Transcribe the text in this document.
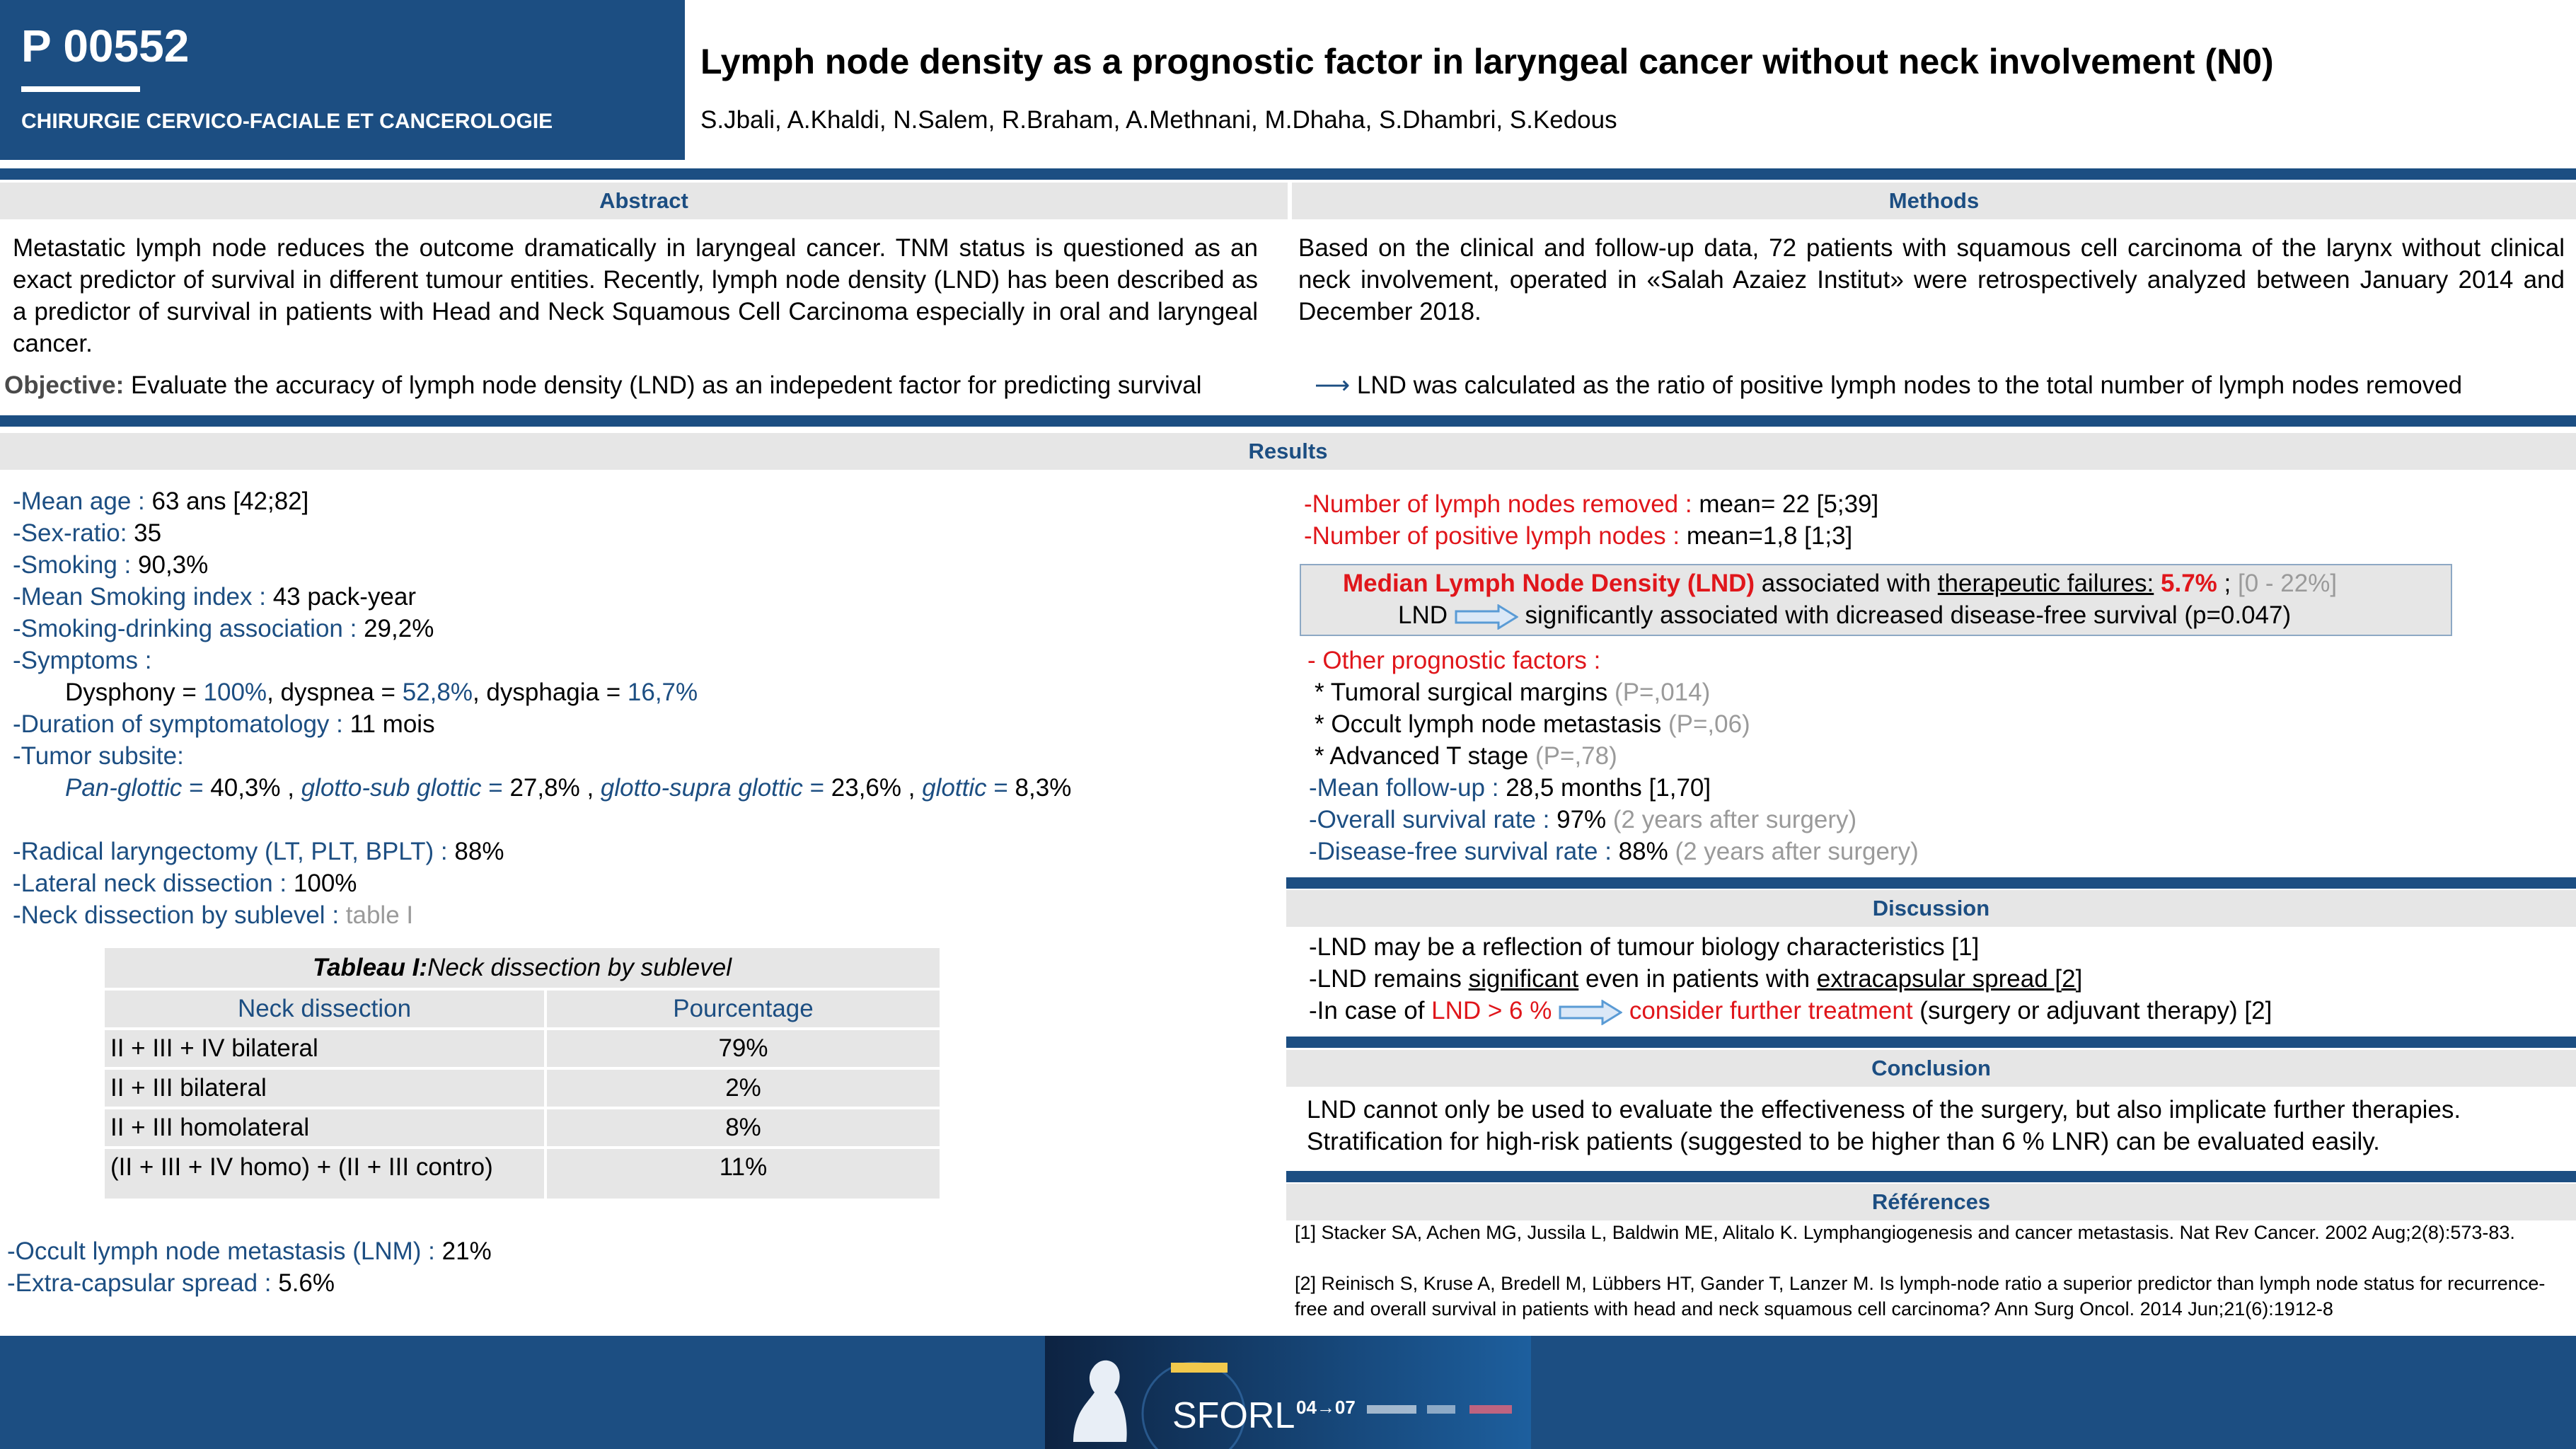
P 00552
CHIRURGIE CERVICO-FACIALE ET CANCEROLOGIE
Lymph node density as a prognostic factor in laryngeal cancer without neck involvement (N0)
S.Jbali, A.Khaldi, N.Salem, R.Braham, A.Methnani, M.Dhaha, S.Dhambri, S.Kedous
Abstract	Methods
Metastatic lymph node reduces the outcome dramatically in laryngeal cancer. TNM status is questioned as an exact predictor of survival in different tumour entities. Recently, lymph node density (LND) has been described as a predictor of survival in patients with Head and Neck Squamous Cell Carcinoma especially in oral and laryngeal cancer.
Objective: Evaluate the accuracy of lymph node density (LND) as an indepedent factor for predicting survival
Based on the clinical and follow-up data, 72 patients with squamous cell carcinoma of the larynx without clinical neck involvement, operated in «Salah Azaiez Institut» were retrospectively analyzed between January 2014 and December 2018.
⟶ LND was calculated as the ratio of positive lymph nodes to the total number of lymph nodes removed
Results
-Mean age : 63 ans [42;82]
-Sex-ratio: 35
-Smoking : 90,3%
-Mean Smoking index : 43 pack-year
-Smoking-drinking association : 29,2%
-Symptoms :
Dysphony = 100%, dyspnea = 52,8%, dysphagia = 16,7%
-Duration of symptomatology : 11 mois
-Tumor subsite:
Pan-glottic = 40,3% , glotto-sub glottic = 27,8% , glotto-supra glottic = 23,6% , glottic = 8,3%
-Radical laryngectomy (LT, PLT, BPLT) : 88%
-Lateral neck dissection : 100%
-Neck dissection by sublevel : table I
Tableau I: Neck dissection by sublevel
Neck dissection	Pourcentage
II + III + IV bilateral	79%
II + III bilateral	2%
II + III homolateral	8%
(II + III + IV homo) + (II + III contro)	11%
-Occult lymph node metastasis (LNM) : 21%
-Extra-capsular spread : 5.6%
-Number of lymph nodes removed : mean= 22 [5;39]
-Number of positive lymph nodes : mean=1,8 [1;3]
Median Lymph Node Density (LND) associated with therapeutic failures: 5.7% ; [0 - 22%]
LND	significantly associated with dicreased disease-free survival (p=0.047)
- Other prognostic factors :
* Tumoral surgical margins (P=,014)
* Occult lymph node metastasis (P=,06)
* Advanced T stage (P=,78)
-Mean follow-up : 28,5 months [1,70]
-Overall survival rate : 97% (2 years after surgery)
-Disease-free survival rate : 88% (2 years after surgery)
Discussion
-LND may be a reflection of tumour biology characteristics [1]
-LND remains significant even in patients with extracapsular spread [2]
-In case of LND > 6 %	consider further treatment (surgery or adjuvant therapy) [2]
Conclusion
LND cannot only be used to evaluate the effectiveness of the surgery, but also implicate further therapies.
Stratification for high-risk patients (suggested to be higher than 6 % LNR) can be evaluated easily.
Références
[1] Stacker SA, Achen MG, Jussila L, Baldwin ME, Alitalo K. Lymphangiogenesis and cancer metastasis. Nat Rev Cancer. 2002 Aug;2(8):573-83.
[2] Reinisch S, Kruse A, Bredell M, Lübbers HT, Gander T, Lanzer M. Is lymph-node ratio a superior predictor than lymph node status for recurrence-free and overall survival in patients with head and neck squamous cell carcinoma? Ann Surg Oncol. 2014 Jun;21(6):1912-8
SFORL 04→07
